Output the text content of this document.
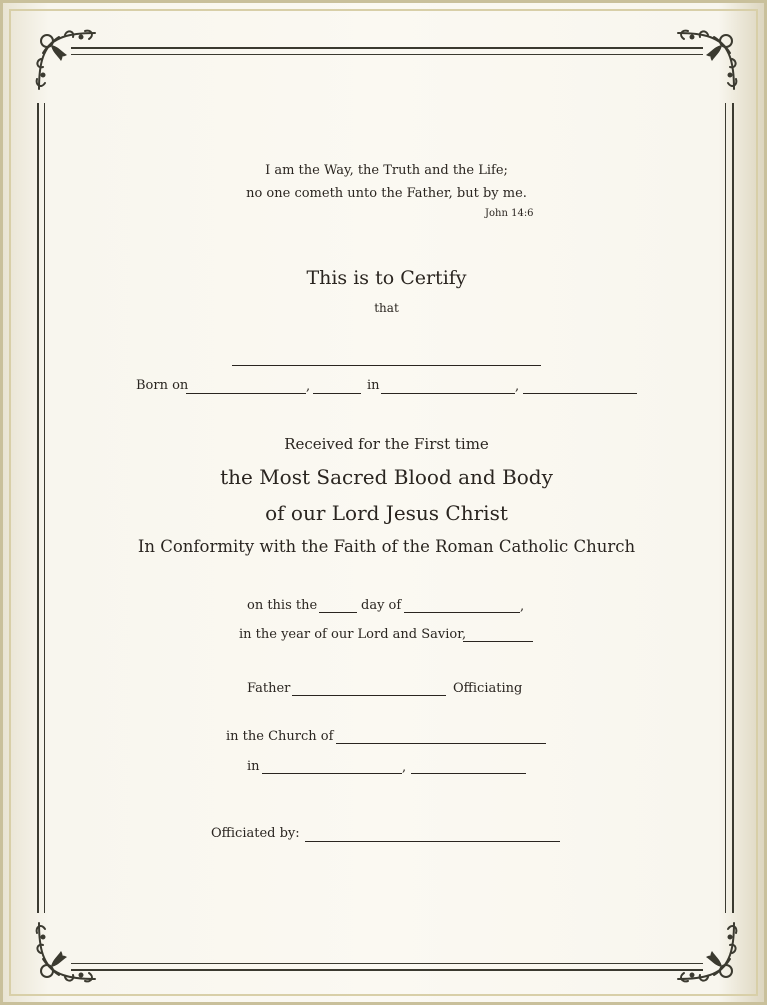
I am the Way, the Truth and the Life;

no one cometh unto the Father, but by me.

John 14:6

This is to Certify

that

Born on	,	in	,

Received for the First time

the Most Sacred Blood and Body

of our Lord Jesus Christ

In Conformity with the Faith of the Roman Catholic Church

on this the	day of	,
in the year of our Lord and Savior,
Father	Officiating
in the Church of
in	,
Officiated by:
